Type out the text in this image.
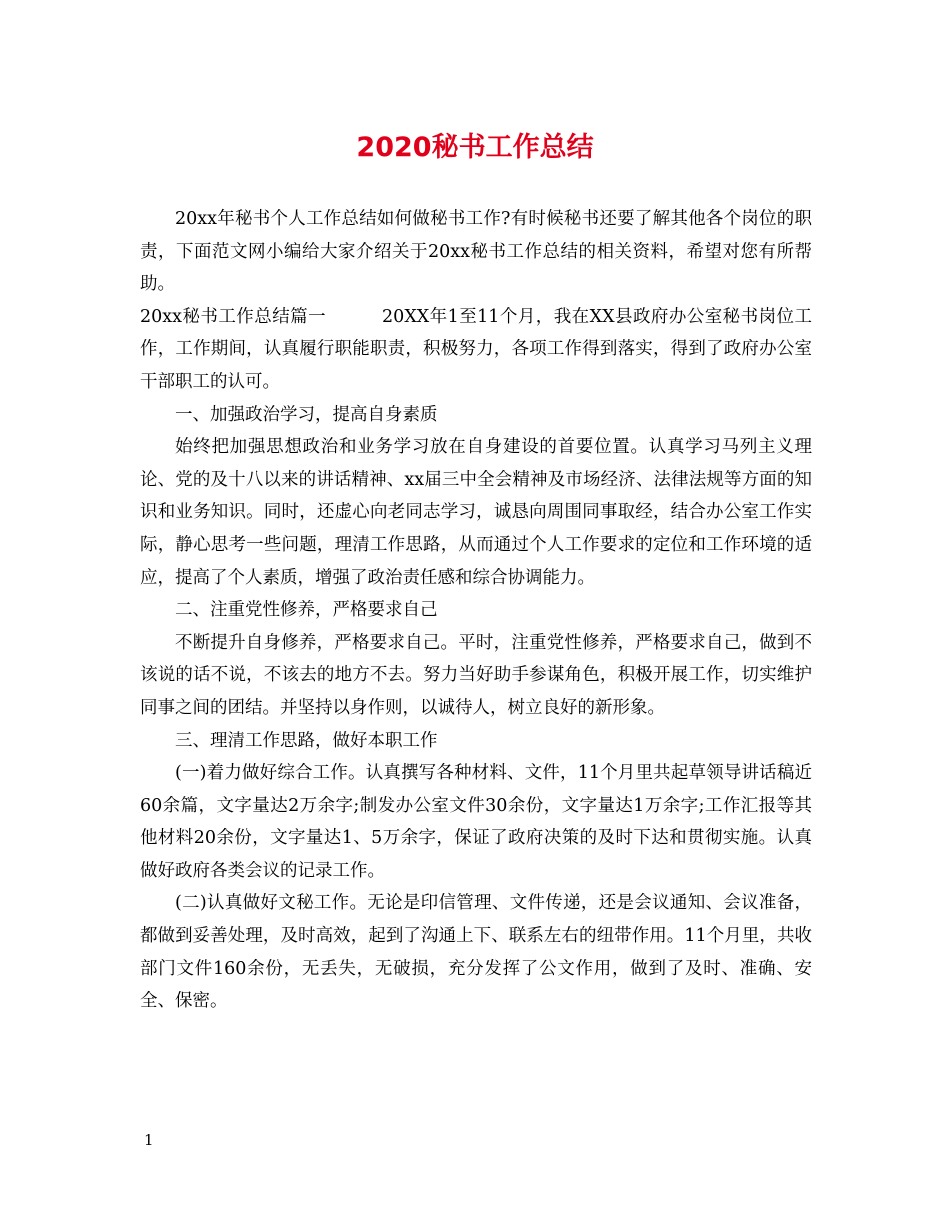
2020秘书工作总结

20xx年秘书个人工作总结如何做秘书工作?有时候秘书还要了解其他各个岗位的职责，下面范文网小编给大家介绍关于20xx秘书工作总结的相关资料，希望对您有所帮助。

20xx秘书工作总结篇一	20XX年1至11个月，我在XX县政府办公室秘书岗位工作，工作期间，认真履行职能职责，积极努力，各项工作得到落实，得到了政府办公室干部职工的认可。

一、加强政治学习，提高自身素质

始终把加强思想政治和业务学习放在自身建设的首要位置。认真学习马列主义理论、党的及十八以来的讲话精神、xx届三中全会精神及市场经济、法律法规等方面的知识和业务知识。同时，还虚心向老同志学习，诚恳向周围同事取经，结合办公室工作实际，静心思考一些问题，理清工作思路，从而通过个人工作要求的定位和工作环境的适应，提高了个人素质，增强了政治责任感和综合协调能力。

二、注重党性修养，严格要求自己

不断提升自身修养，严格要求自己。平时，注重党性修养，严格要求自己，做到不该说的话不说，不该去的地方不去。努力当好助手参谋角色，积极开展工作，切实维护同事之间的团结。并坚持以身作则，以诚待人，树立良好的新形象。

三、理清工作思路，做好本职工作

(一)着力做好综合工作。认真撰写各种材料、文件，11个月里共起草领导讲话稿近60余篇，文字量达2万余字;制发办公室文件30余份，文字量达1万余字;工作汇报等其他材料20余份，文字量达1、5万余字，保证了政府决策的及时下达和贯彻实施。认真做好政府各类会议的记录工作。

(二)认真做好文秘工作。无论是印信管理、文件传递，还是会议通知、会议准备，都做到妥善处理，及时高效，起到了沟通上下、联系左右的纽带作用。11个月里，共收部门文件160余份，无丢失，无破损，充分发挥了公文作用，做到了及时、准确、安全、保密。

1
